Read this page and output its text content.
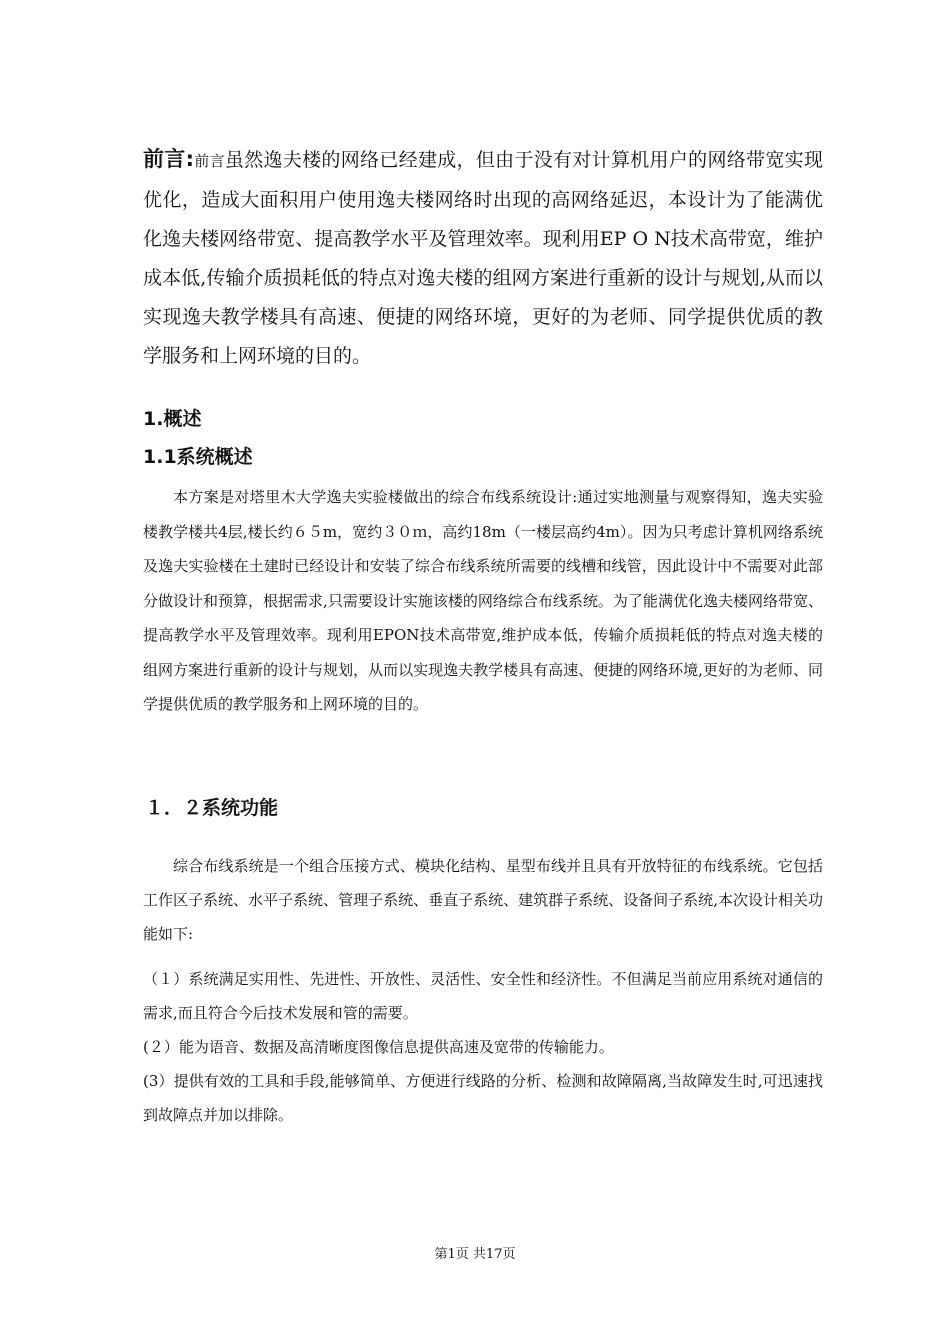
前言:前言虽然逸夫楼的网络已经建成，但由于没有对计算机用户的网络带宽实现优化，造成大面积用户使用逸夫楼网络时出现的高网络延迟，本设计为了能满优化逸夫楼网络带宽、提高教学水平及管理效率。现利用EP O N技术高带宽，维护成本低,传输介质损耗低的特点对逸夫楼的组网方案进行重新的设计与规划,从而以实现逸夫教学楼具有高速、便捷的网络环境，更好的为老师、同学提供优质的教学服务和上网环境的目的。
1.概述
1.1系统概述

本方案是对塔里木大学逸夫实验楼做出的综合布线系统设计:通过实地测量与观察得知，逸夫实验楼教学楼共4层,楼长约６５m，宽约３０ｍ，高约18m（一楼层高约4m）。因为只考虑计算机网络系统及逸夫实验楼在土建时已经设计和安装了综合布线系统所需要的线槽和线管，因此设计中不需要对此部分做设计和预算，根据需求,只需要设计实施该楼的网络综合布线系统。为了能满优化逸夫楼网络带宽、提高教学水平及管理效率。现利用EPON技术高带宽,维护成本低，传输介质损耗低的特点对逸夫楼的组网方案进行重新的设计与规划，从而以实现逸夫教学楼具有高速、便捷的网络环境,更好的为老师、同学提供优质的教学服务和上网环境的目的。

１．２系统功能

综合布线系统是一个组合压接方式、模块化结构、星型布线并且具有开放特征的布线系统。它包括工作区子系统、水平子系统、管理子系统、垂直子系统、建筑群子系统、设备间子系统,本次设计相关功能如下:

（１）系统满足实用性、先进性、开放性、灵活性、安全性和经济性。不但满足当前应用系统对通信的需求,而且符合今后技术发展和管的需要。

(２）能为语音、数据及高清晰度图像信息提供高速及宽带的传输能力。

(3）提供有效的工具和手段,能够简单、方便进行线路的分析、检测和故障隔离,当故障发生时,可迅速找到故障点并加以排除。

第1页 共17页
